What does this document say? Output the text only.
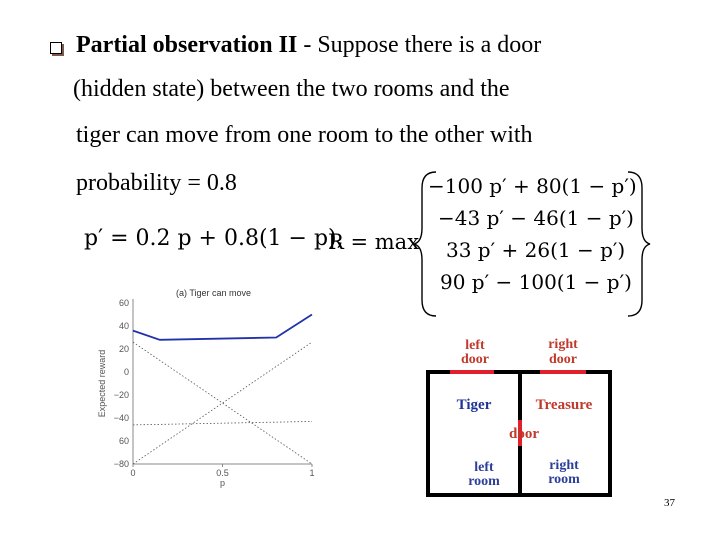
Partial observation II - Suppose there is a door
(hidden state) between the two rooms and the
tiger can move from one room to the other with
probability = 0.8
p′ = 0.2 p + 0.8(1 − p),
R = max
−100 p′ + 80(1 − p′)
−43 p′ − 46(1 − p′)
33 p′ + 26(1 − p′)
90 p′ − 100(1 − p′)
(a) Tiger can move
60
40
20
0
−20
−40
60
−80
0	0.5	1
p
Expected reward
left
door
right
door
Tiger	Treasure
door
left
room
right
room
37
